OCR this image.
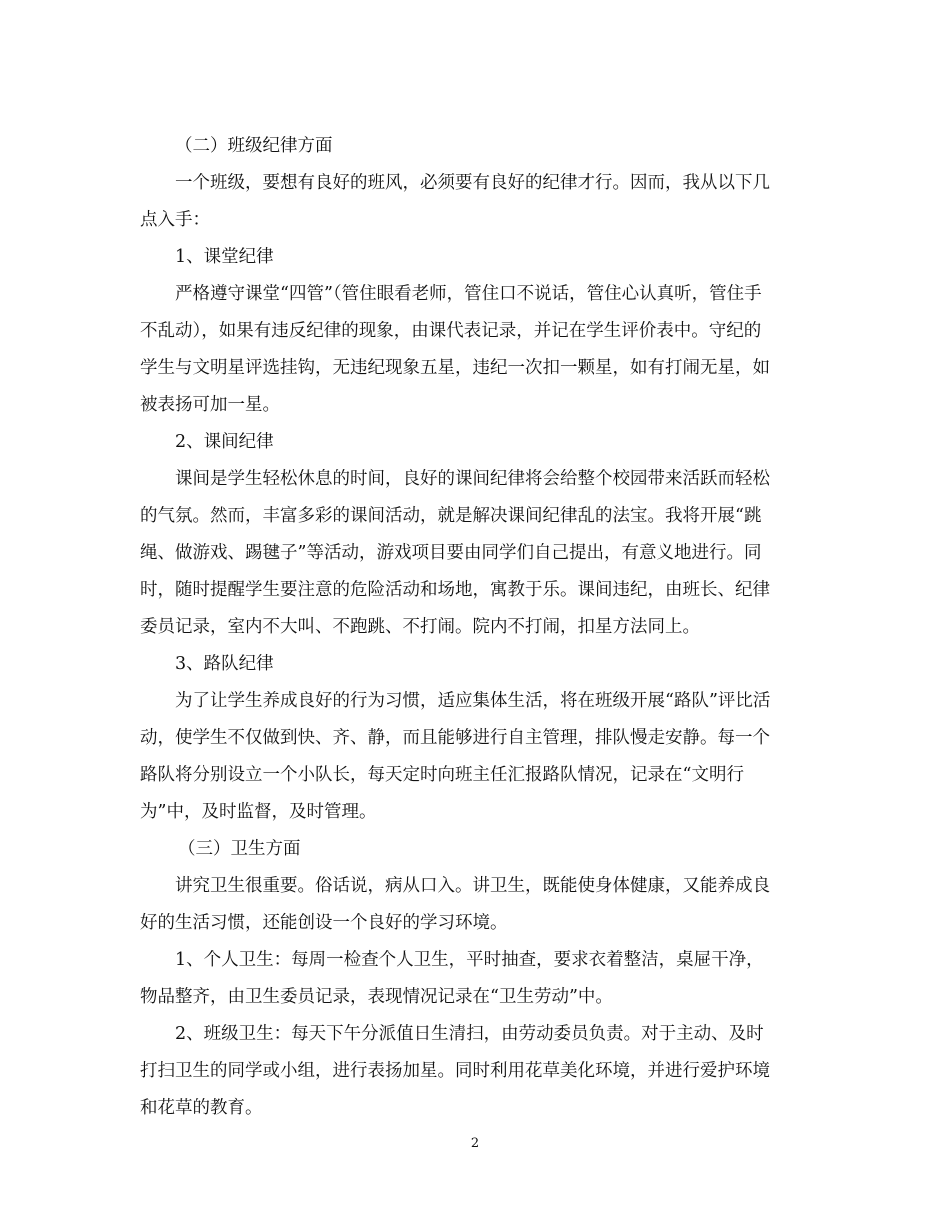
（二）班级纪律方面
一个班级，要想有良好的班风，必须要有良好的纪律才行。因而，我从以下几
点入手：
1、课堂纪律
严格遵守课堂“四管”（管住眼看老师，管住口不说话，管住心认真听，管住手
不乱动），如果有违反纪律的现象，由课代表记录，并记在学生评价表中。守纪的
学生与文明星评选挂钩，无违纪现象五星，违纪一次扣一颗星，如有打闹无星，如
被表扬可加一星。
2、课间纪律
课间是学生轻松休息的时间，良好的课间纪律将会给整个校园带来活跃而轻松
的气氛。然而，丰富多彩的课间活动，就是解决课间纪律乱的法宝。我将开展“跳
绳、做游戏、踢毽子”等活动，游戏项目要由同学们自己提出，有意义地进行。同
时，随时提醒学生要注意的危险活动和场地，寓教于乐。课间违纪，由班长、纪律
委员记录，室内不大叫、不跑跳、不打闹。院内不打闹，扣星方法同上。
3、路队纪律
为了让学生养成良好的行为习惯，适应集体生活，将在班级开展“路队”评比活
动，使学生不仅做到快、齐、静，而且能够进行自主管理，排队慢走安静。每一个
路队将分别设立一个小队长，每天定时向班主任汇报路队情况，记录在“文明行
为”中，及时监督，及时管理。
（三）卫生方面
讲究卫生很重要。俗话说，病从口入。讲卫生，既能使身体健康，又能养成良
好的生活习惯，还能创设一个良好的学习环境。
1、个人卫生：每周一检查个人卫生，平时抽查，要求衣着整洁，桌屉干净，
物品整齐，由卫生委员记录，表现情况记录在“卫生劳动”中。
2、班级卫生：每天下午分派值日生清扫，由劳动委员负责。对于主动、及时
打扫卫生的同学或小组，进行表扬加星。同时利用花草美化环境，并进行爱护环境
和花草的教育。
2
